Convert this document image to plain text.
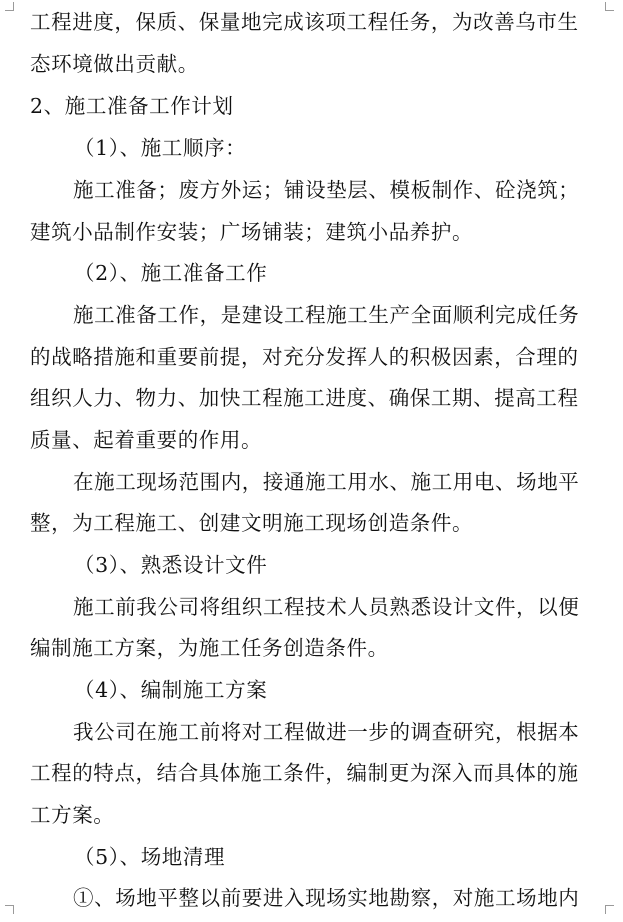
工程进度，保质、保量地完成该项工程任务，为改善乌市生
态环境做出贡献。
2、施工准备工作计划
（1）、施工顺序：
施工准备；废方外运；铺设垫层、模板制作、砼浇筑；
建筑小品制作安装；广场铺装；建筑小品养护。
（2）、施工准备工作
施工准备工作，是建设工程施工生产全面顺利完成任务
的战略措施和重要前提，对充分发挥人的积极因素，合理的
组织人力、物力、加快工程施工进度、确保工期、提高工程
质量、起着重要的作用。
在施工现场范围内，接通施工用水、施工用电、场地平
整，为工程施工、创建文明施工现场创造条件。
（3）、熟悉设计文件
施工前我公司将组织工程技术人员熟悉设计文件，以便
编制施工方案，为施工任务创造条件。
（4）、编制施工方案
我公司在施工前将对工程做进一步的调查研究，根据本
工程的特点，结合具体施工条件，编制更为深入而具体的施
工方案。
（5）、场地清理
①、场地平整以前要进入现场实地勘察，对施工场地内
